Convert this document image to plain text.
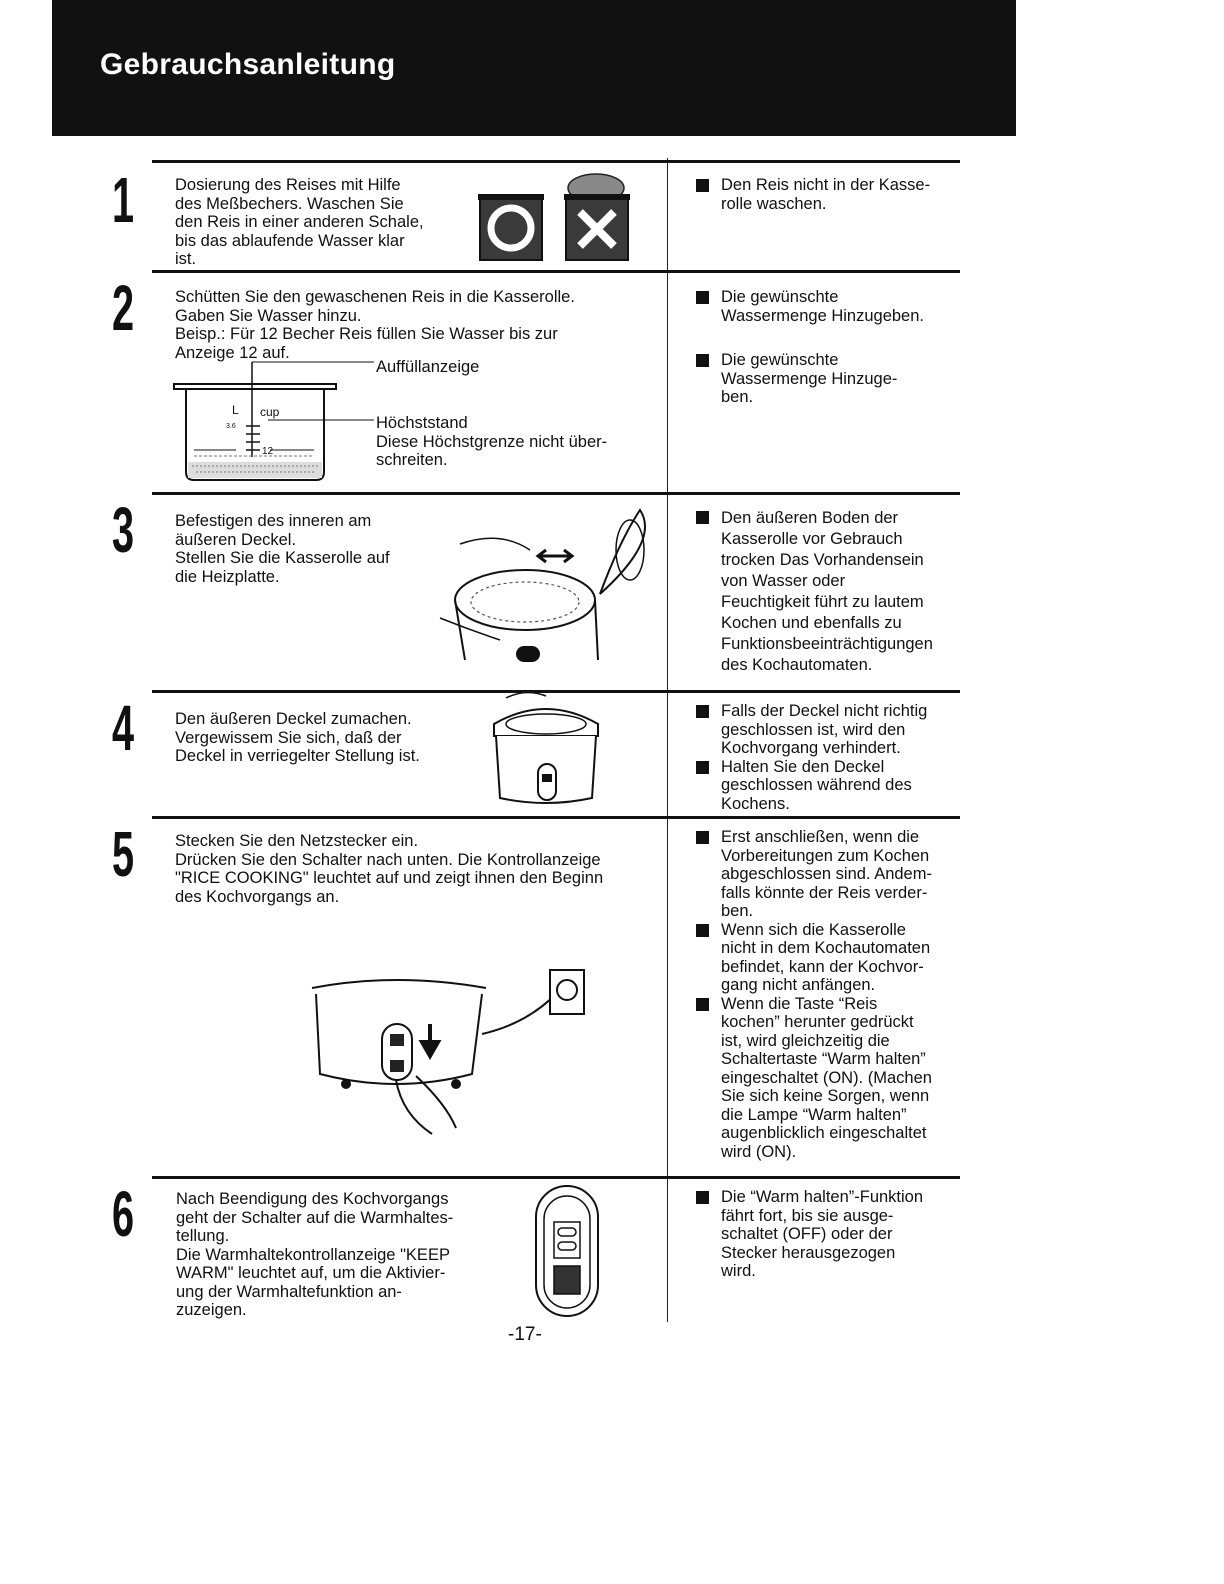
Gebrauchsanleitung
1 Dosierung des Reises mit Hilfe
des Meßbechers. Waschen Sie
den Reis in einer anderen Schale,
bis das ablaufende Wasser klar
ist.

Den Reis nicht in der Kasse-
rolle waschen.
2 Schütten Sie den gewaschenen Reis in die Kasserolle.
Gaben Sie Wasser hinzu.
Beisp.: Für 12 Becher Reis füllen Sie Wasser bis zur
Anzeige 12 auf.

L cup
3.6
12
Auffüllanzeige
Höchststand
Diese Höchstgrenze nicht über-
schreiten.
Die gewünschte
Wassermenge Hinzugeben.
Die gewünschte
Wassermenge Hinzuge-
ben.
3 Befestigen des inneren am
äußeren Deckel.
Stellen Sie die Kasserolle auf
die Heizplatte.

Den äußeren Boden der
Kasserolle vor Gebrauch
trocken Das Vorhandensein
von Wasser oder
Feuchtigkeit führt zu lautem
Kochen und ebenfalls zu
Funktionsbeeinträchtigungen
des Kochautomaten.
4 Den äußeren Deckel zumachen.
Vergewissem Sie sich, daß der
Deckel in verriegelter Stellung ist.

Falls der Deckel nicht richtig
geschlossen ist, wird den
Kochvorgang verhindert.
Halten Sie den Deckel
geschlossen während des
Kochens.
5 Stecken Sie den Netzstecker ein.
Drücken Sie den Schalter nach unten. Die Kontrollanzeige
"RICE COOKING" leuchtet auf und zeigt ihnen den Beginn
des Kochvorgangs an.

Erst anschließen, wenn die
Vorbereitungen zum Kochen
abgeschlossen sind. Andem-
falls könnte der Reis verder-
ben.
Wenn sich die Kasserolle
nicht in dem Kochautomaten
befindet, kann der Kochvor-
gang nicht anfängen.
Wenn die Taste “Reis
kochen” herunter gedrückt
ist, wird gleichzeitig die
Schaltertaste “Warm halten”
eingeschaltet (ON). (Machen
Sie sich keine Sorgen, wenn
die Lampe “Warm halten”
augenblicklich eingeschaltet
wird (ON).
6	Nach Beendigung des Kochvorgangs
geht der Schalter auf die Warmhaltes-
tellung.
Die Warmhaltekontrollanzeige "KEEP
WARM" leuchtet auf, um die Aktivier-
ung der Warmhaltefunktion an-
zuzeigen.

Die “Warm halten”-Funktion
fährt fort, bis sie ausge-
schaltet (OFF) oder der
Stecker herausgezogen
wird.
-17-
